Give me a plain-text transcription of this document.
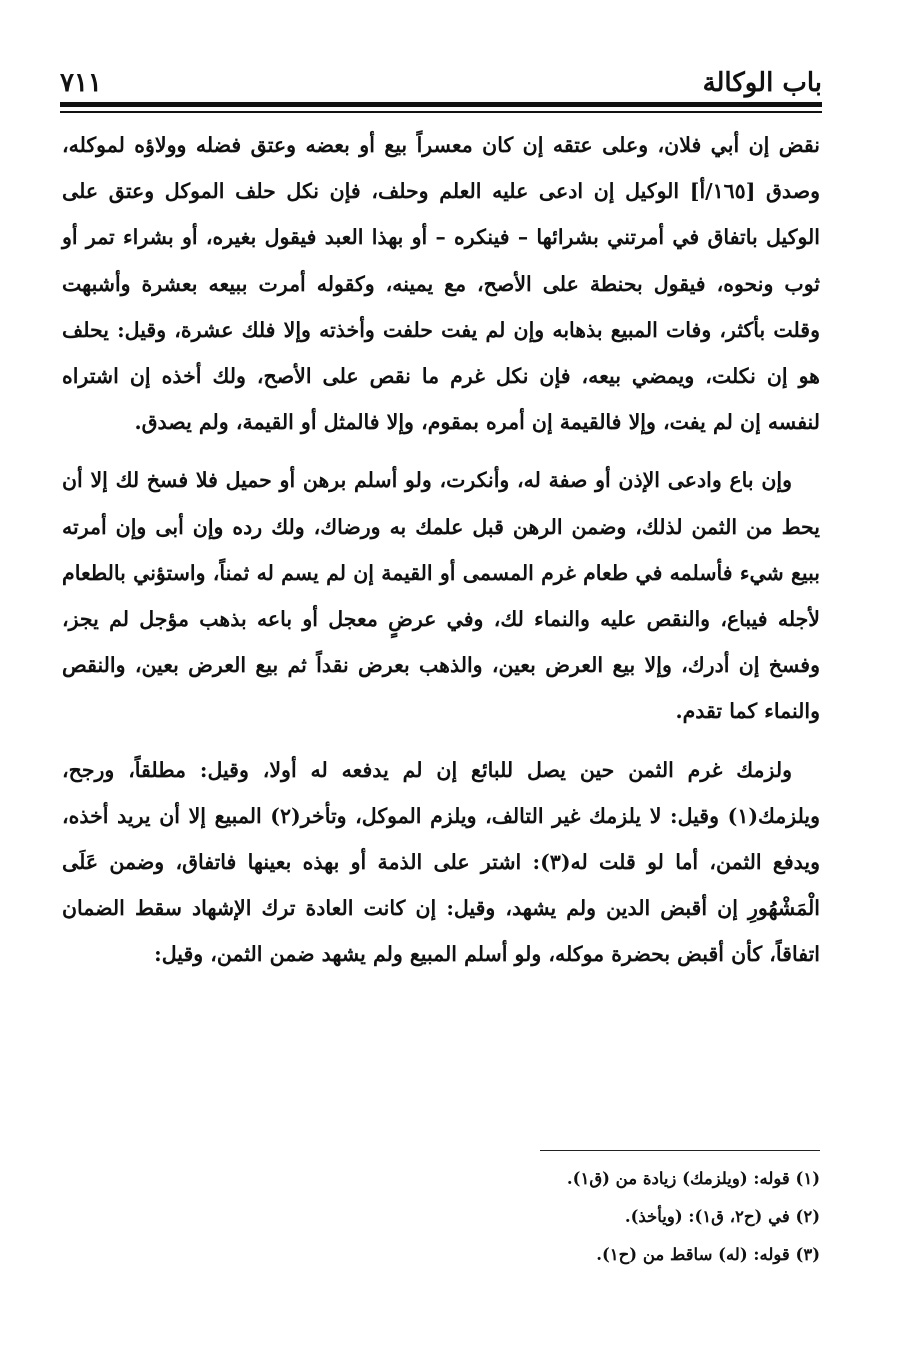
باب الوكالة
٧١١

نقض إن أبي فلان، وعلى عتقه إن كان معسراً بيع أو بعضه وعتق فضله وولاؤه لموكله، وصدق [١٦٥/أ] الوكيل إن ادعى عليه العلم وحلف، فإن نكل حلف الموكل وعتق على الوكيل باتفاق في أمرتني بشرائها – فينكره – أو بهذا العبد فيقول بغيره، أو بشراء تمر أو ثوب ونحوه، فيقول بحنطة على الأصح، مع يمينه، وكقوله أمرت ببيعه بعشرة وأشبهت وقلت بأكثر، وفات المبيع بذهابه وإن لم يفت حلفت وأخذته وإلا فلك عشرة، وقيل: يحلف هو إن نكلت، ويمضي بيعه، فإن نكل غرم ما نقص على الأصح، ولك أخذه إن اشتراه لنفسه إن لم يفت، وإلا فالقيمة إن أمره بمقوم، وإلا فالمثل أو القيمة، ولم يصدق.

وإن باع وادعى الإذن أو صفة له، وأنكرت، ولو أسلم برهن أو حميل فلا فسخ لك إلا أن يحط من الثمن لذلك، وضمن الرهن قبل علمك به ورضاك، ولك رده وإن أبى وإن أمرته ببيع شيء فأسلمه في طعام غرم المسمى أو القيمة إن لم يسم له ثمناً، واستؤني بالطعام لأجله فيباع، والنقص عليه والنماء لك، وفي عرضٍ معجل أو باعه بذهب مؤجل لم يجز، وفسخ إن أدرك، وإلا بيع العرض بعين، والذهب بعرض نقداً ثم بيع العرض بعين، والنقص والنماء كما تقدم.

ولزمك غرم الثمن حين يصل للبائع إن لم يدفعه له أولا، وقيل: مطلقاً، ورجح، ويلزمك(١) وقيل: لا يلزمك غير التالف، ويلزم الموكل، وتأخر(٢) المبيع إلا أن يريد أخذه، ويدفع الثمن، أما لو قلت له(٣): اشتر على الذمة أو بهذه بعينها فاتفاق، وضمن عَلَى الْمَشْهُورِ إن أقبض الدين ولم يشهد، وقيل: إن كانت العادة ترك الإشهاد سقط الضمان اتفاقاً، كأن أقبض بحضرة موكله، ولو أسلم المبيع ولم يشهد ضمن الثمن، وقيل:

(١) قوله: (ويلزمك) زيادة من (ق١).
(٢) في (ح٢، ق١): (ويأخذ).
(٣) قوله: (له) ساقط من (ح١).
